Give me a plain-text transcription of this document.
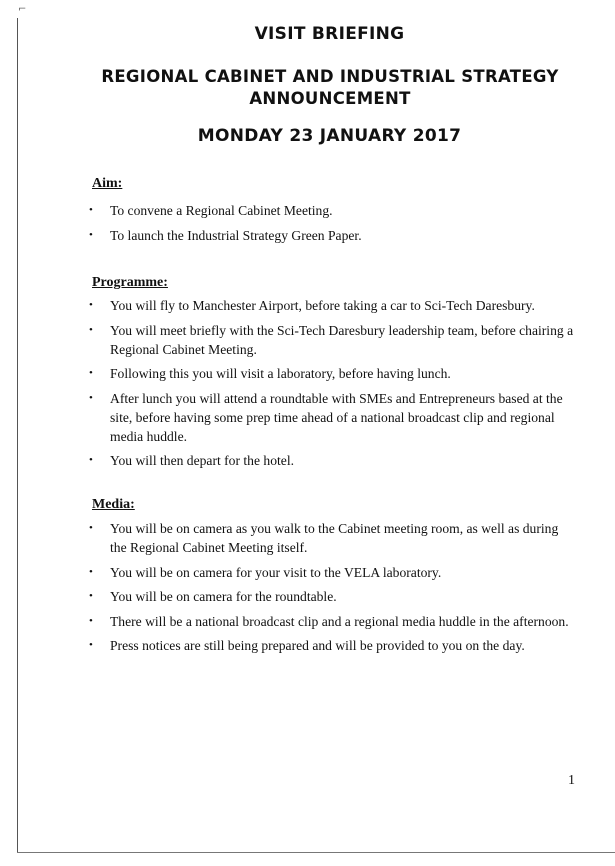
⌐
VISIT BRIEFING
REGIONAL CABINET AND INDUSTRIAL STRATEGY ANNOUNCEMENT
MONDAY 23 JANUARY 2017
Aim:
• To convene a Regional Cabinet Meeting.
• To launch the Industrial Strategy Green Paper.
Programme:
• You will fly to Manchester Airport, before taking a car to Sci-Tech Daresbury.
• You will meet briefly with the Sci-Tech Daresbury leadership team, before chairing a Regional Cabinet Meeting.
• Following this you will visit a laboratory, before having lunch.
• After lunch you will attend a roundtable with SMEs and Entrepreneurs based at the site, before having some prep time ahead of a national broadcast clip and regional media huddle.
• You will then depart for the hotel.
Media:
• You will be on camera as you walk to the Cabinet meeting room, as well as during the Regional Cabinet Meeting itself.
• You will be on camera for your visit to the VELA laboratory.
• You will be on camera for the roundtable.
• There will be a national broadcast clip and a regional media huddle in the afternoon.
• Press notices are still being prepared and will be provided to you on the day.
1
